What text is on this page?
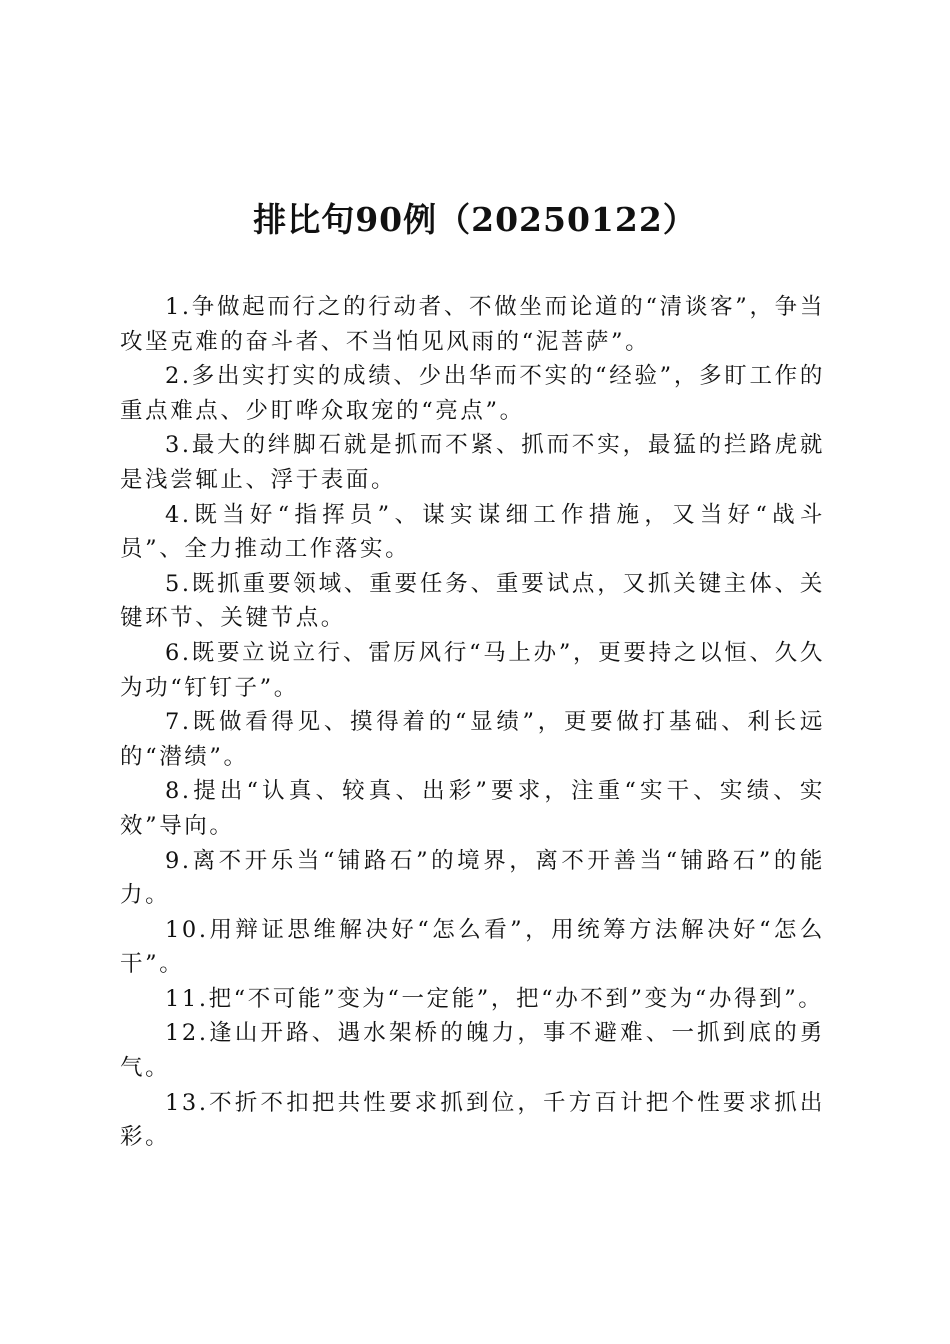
排比句90例（20250122）

1.争做起而行之的行动者、不做坐而论道的“清谈客”，争当攻坚克难的奋斗者、不当怕见风雨的“泥菩萨”。

2.多出实打实的成绩、少出华而不实的“经验”，多盯工作的重点难点、少盯哗众取宠的“亮点”。

3.最大的绊脚石就是抓而不紧、抓而不实，最猛的拦路虎就是浅尝辄止、浮于表面。

4.既当好“指挥员”、谋实谋细工作措施，又当好“战斗员”、全力推动工作落实。

5.既抓重要领域、重要任务、重要试点，又抓关键主体、关键环节、关键节点。

6.既要立说立行、雷厉风行“马上办”，更要持之以恒、久久为功“钉钉子”。

7.既做看得见、摸得着的“显绩”，更要做打基础、利长远的“潜绩”。

8.提出“认真、较真、出彩”要求，注重“实干、实绩、实效”导向。

9.离不开乐当“铺路石”的境界，离不开善当“铺路石”的能力。

10.用辩证思维解决好“怎么看”，用统筹方法解决好“怎么干”。

11.把“不可能”变为“一定能”，把“办不到”变为“办得到”。

12.逢山开路、遇水架桥的魄力，事不避难、一抓到底的勇气。

13.不折不扣把共性要求抓到位，千方百计把个性要求抓出彩。
